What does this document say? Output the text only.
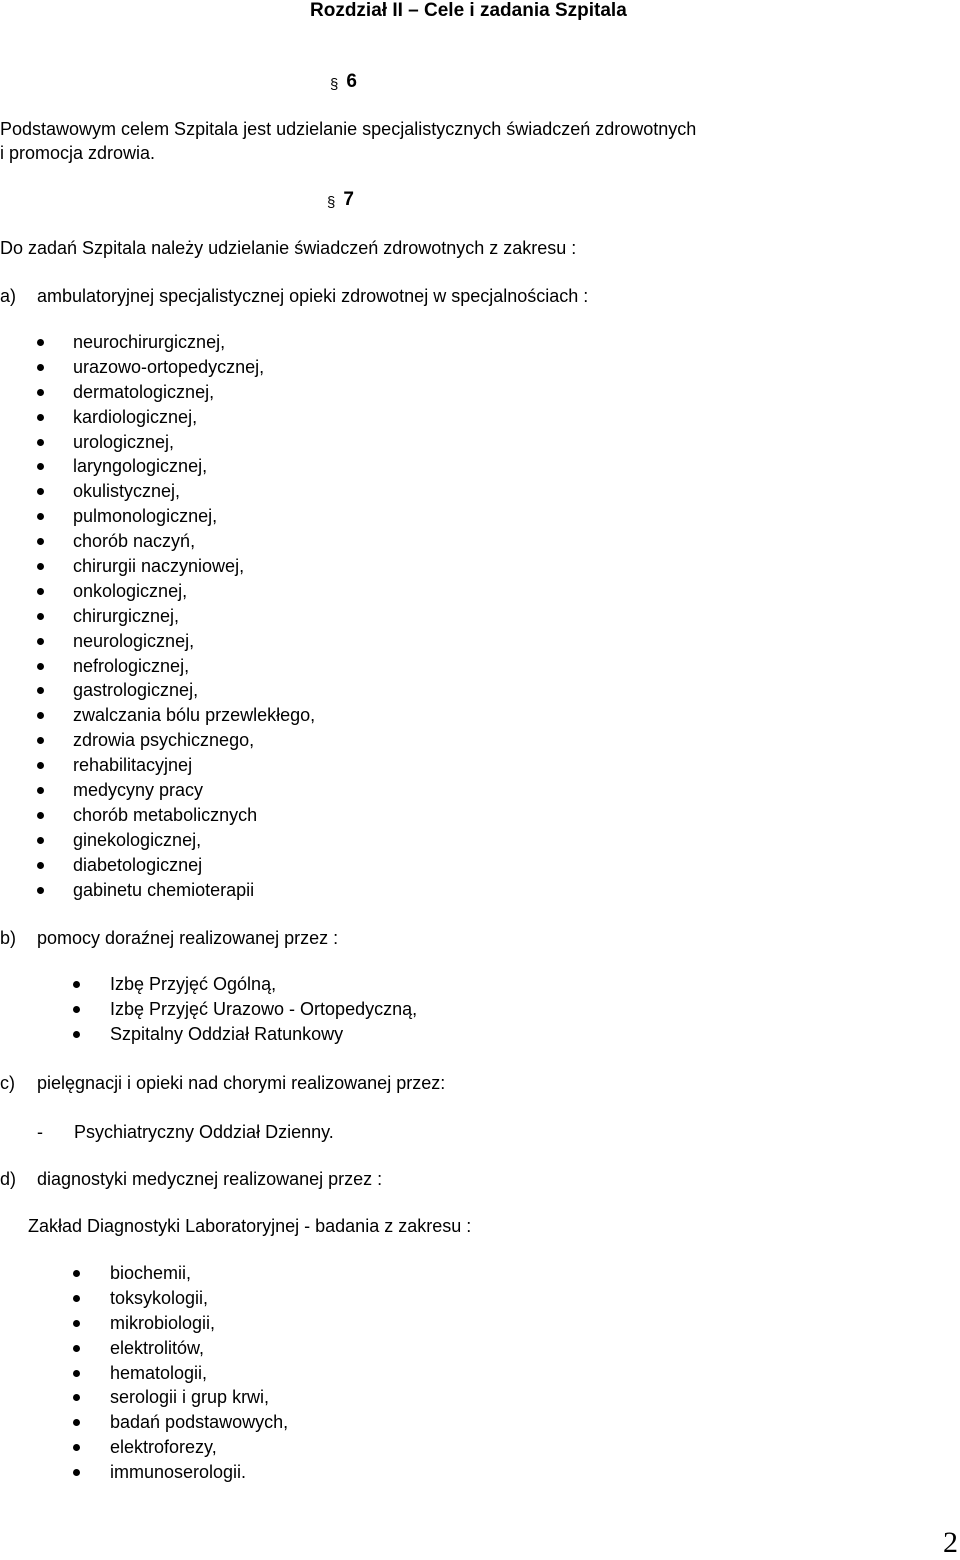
Rozdział II – Cele i zadania Szpitala
§ 6
Podstawowym celem Szpitala jest udzielanie specjalistycznych świadczeń zdrowotnych
i promocja zdrowia.
§ 7
Do zadań Szpitala należy udzielanie świadczeń zdrowotnych z zakresu :
a) ambulatoryjnej specjalistycznej opieki zdrowotnej w specjalnościach :
neurochirurgicznej,
urazowo-ortopedycznej,
dermatologicznej,
kardiologicznej,
urologicznej,
laryngologicznej,
okulistycznej,
pulmonologicznej,
chorób naczyń,
chirurgii naczyniowej,
onkologicznej,
chirurgicznej,
neurologicznej,
nefrologicznej,
gastrologicznej,
zwalczania bólu przewlekłego,
zdrowia psychicznego,
rehabilitacyjnej
medycyny pracy
chorób metabolicznych
ginekologicznej,
diabetologicznej
gabinetu chemioterapii
b) pomocy doraźnej realizowanej przez :
Izbę Przyjęć Ogólną,
Izbę Przyjęć Urazowo - Ortopedyczną,
Szpitalny Oddział Ratunkowy
c) pielęgnacji i opieki nad chorymi realizowanej przez:
- Psychiatryczny Oddział Dzienny.
d) diagnostyki medycznej realizowanej przez :
Zakład Diagnostyki Laboratoryjnej - badania z zakresu :
biochemii,
toksykologii,
mikrobiologii,
elektrolitów,
hematologii,
serologii i grup krwi,
badań podstawowych,
elektroforezy,
immunoserologii.
2
